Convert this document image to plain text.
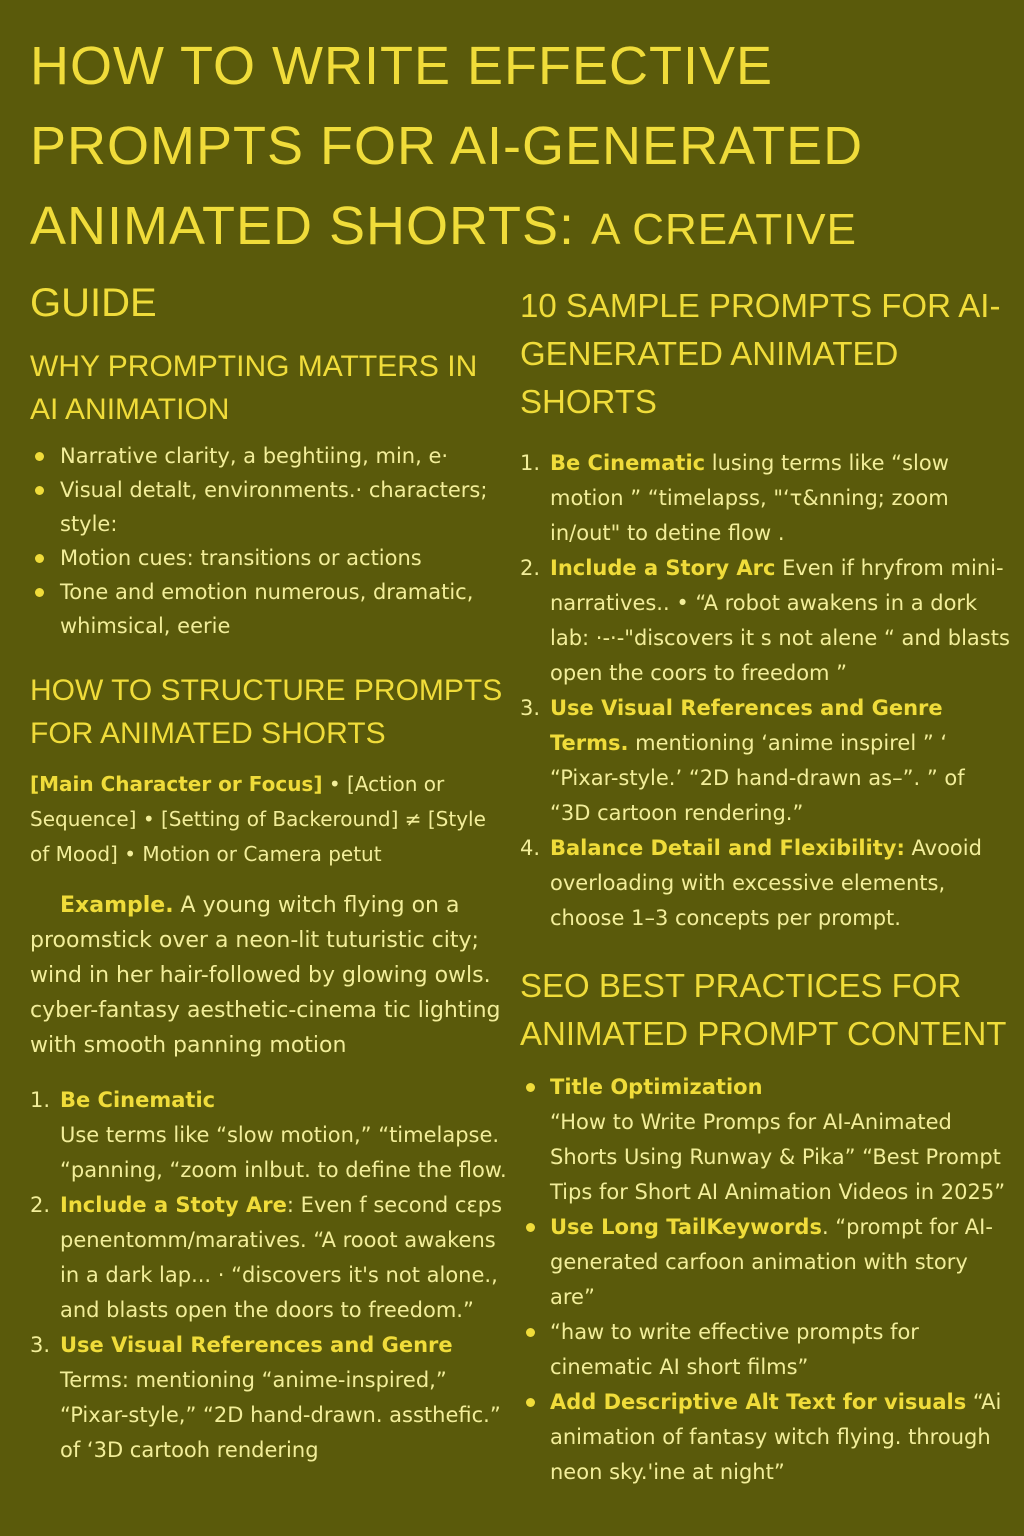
HOW TO WRITE EFFECTIVE PROMPTS FOR AI-GENERATED ANIMATED SHORTS: A CREATIVE
GUIDE
WHY PROMPTING MATTERS IN AI ANIMATION
Narrative clarity, a beghtiing, min, e·
Visual detalt, environments.· characters; style:
Motion cues: transitions or actions
Tone and emotion numerous, dramatic, whimsical, eerie
HOW TO STRUCTURE PROMPTS FOR ANIMATED SHORTS
[Main Character or Focus] • [Action or Sequence] • [Setting of Backeround] ≠ [Style of Mood] • Motion or Camera petut
Example. A young witch flying on a proomstick over a neon-lit tuturistic city; wind in her hair-followed by glowing owls. cyber-fantasy aesthetic-cinema tic lighting with smooth panning motion
1. Be Cinematic
Use terms like “slow motion,” “timelapse. “panning, “zoom inlbut. to define the flow.
2. Include a Stoty Are: Even f second cɛps penentomm/maratives. “A rooot awakens in a dark lap... · “discovers it's not alone., and blasts open the doors to freedom.”
3. Use Visual References and Genre Terms: mentioning “anime-inspired,” “Pixar-style,” “2D hand-drawn. assthefic.” of ‘3D cartooh rendering
10 SAMPLE PROMPTS FOR AI-GENERATED ANIMATED SHORTS
1. Be Cinematic lusing terms like “slow motion ” “timelapss, "‘τ&nning; zoom in/out" to detine flow .
2. Include a Story Arc Even if hryfrom mini-narratives.. • “A robot awakens in a dork lab: ·-·-"discovers it s not alene “ and blasts open the coors to freedom ”
3. Use Visual References and Genre Terms. mentioning ‘anime inspirel ” ‘ “Pixar-style.’ “2D hand-drawn as–”. ” of “3D cartoon rendering.”
4. Balance Detail and Flexibility: Avooid overloading with excessive elements, choose 1–3 concepts per prompt.
SEO BEST PRACTICES FOR ANIMATED PROMPT CONTENT
Title Optimization
“How to Write Promps for AI-Animated Shorts Using Runway & Pika” “Best Prompt Tips for Short AI Animation Videos in 2025”
Use Long TailKeywords. “prompt for AI-generated carfoon animation with story are”
“haw to write effective prompts for cinematic AI short films”
Add Descriptive Alt Text for visuals “Ai animation of fantasy witch flying. through neon sky.'ine at night”
